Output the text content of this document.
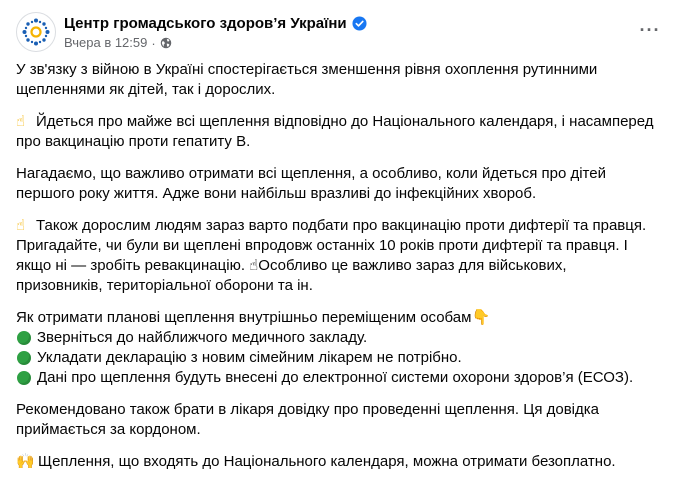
Центр громадського здоров’я України
Вчера в 12:59 ·
···
У зв'язку з війною в Україні спостерігається зменшення рівня охоплення рутинними щепленнями як дітей, так і дорослих.
☝ Йдеться про майже всі щеплення відповідно до Національного календаря, і насамперед про вакцинацію проти гепатиту В.
Нагадаємо, що важливо отримати всі щеплення, а особливо, коли йдеться про дітей першого року життя. Адже вони найбільш вразливі до інфекційних хвороб.
☝ Також дорослим людям зараз варто подбати про вакцинацію проти дифтерії та правця. Пригадайте, чи були ви щеплені впродовж останніх 10 років проти дифтерії та правця. І якщо ні — зробіть ревакцинацію. ☝Особливо це важливо зараз для військових, призовників, територіальної оборони та ін.
Як отримати планові щеплення внутрішньо переміщеним особам👇
Зверніться до найближчого медичного закладу.
Укладати декларацію з новим сімейним лікарем не потрібно.
Дані про щеплення будуть внесені до електронної системи охорони здоров’я (ЕСОЗ).
Рекомендовано також брати в лікаря довідку про проведенні щеплення. Ця довідка приймається за кордоном.
🙌 Щеплення, що входять до Національного календаря, можна отримати безоплатно.
